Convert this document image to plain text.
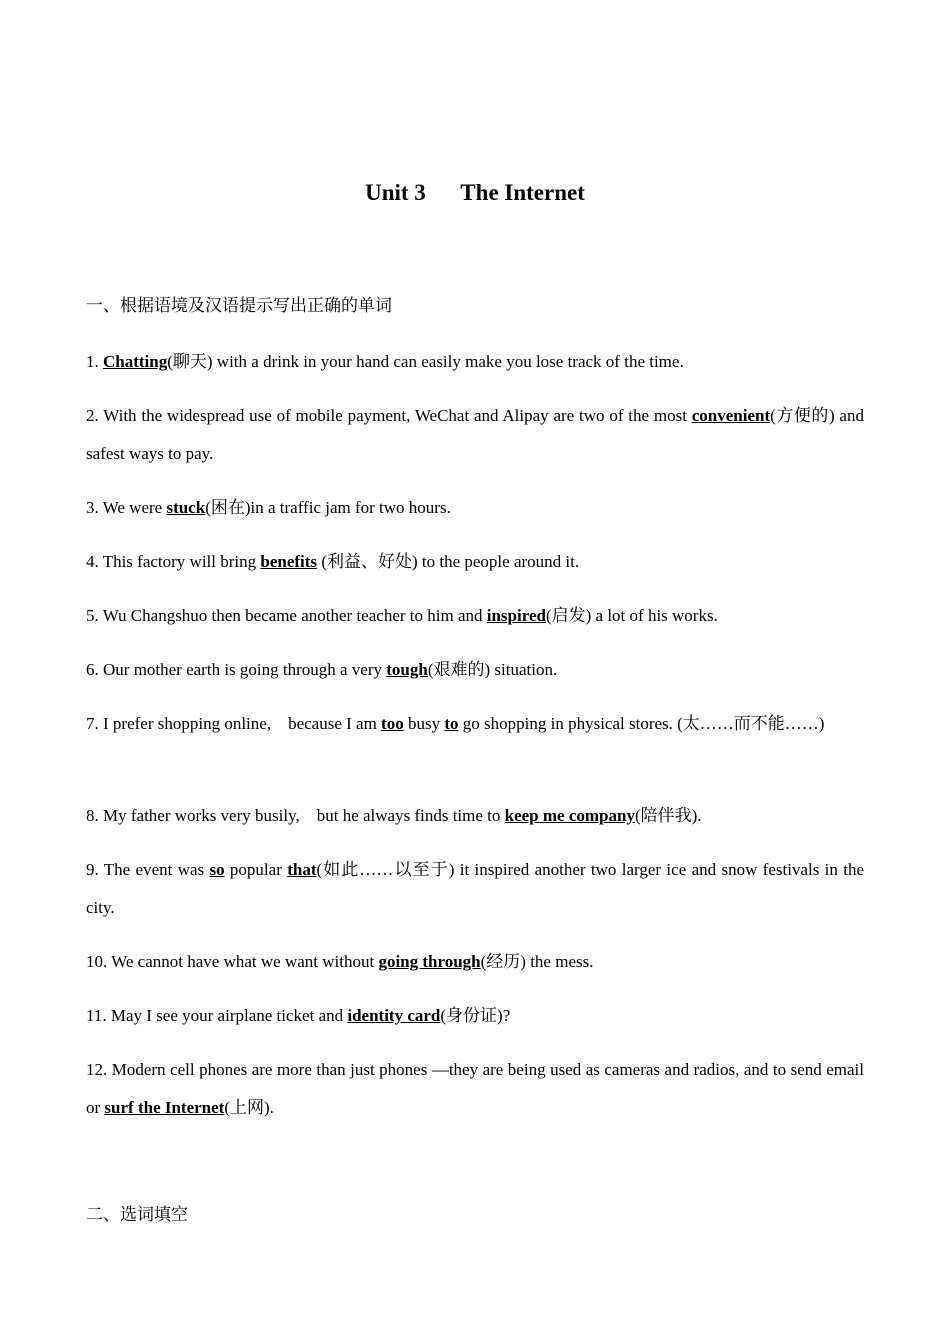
Unit 3      The Internet
一、根据语境及汉语提示写出正确的单词
1. Chatting(聊天) with a drink in your hand can easily make you lose track of the time.
2. With the widespread use of mobile payment, WeChat and Alipay are two of the most convenient(方便的) and safest ways to pay.
3. We were stuck(困在)in a traffic jam for two hours.
4. This factory will bring benefits (利益、好处) to the people around it.
5. Wu Changshuo then became another teacher to him and inspired(启发) a lot of his works.
6. Our mother earth is going through a very tough(艰难的) situation.
7. I prefer shopping online,    because I am too busy to go shopping in physical stores. (太……而不能……)
8. My father works very busily,    but he always finds time to keep me company(陪伴我).
9. The event was so popular that(如此……以至于) it inspired another two larger ice and snow festivals in the city.
10. We cannot have what we want without going through(经历) the mess.
11. May I see your airplane ticket and identity card(身份证)?
12. Modern cell phones are more than just phones —they are being used as cameras and radios, and to send email or surf the Internet(上网).
二、选词填空
